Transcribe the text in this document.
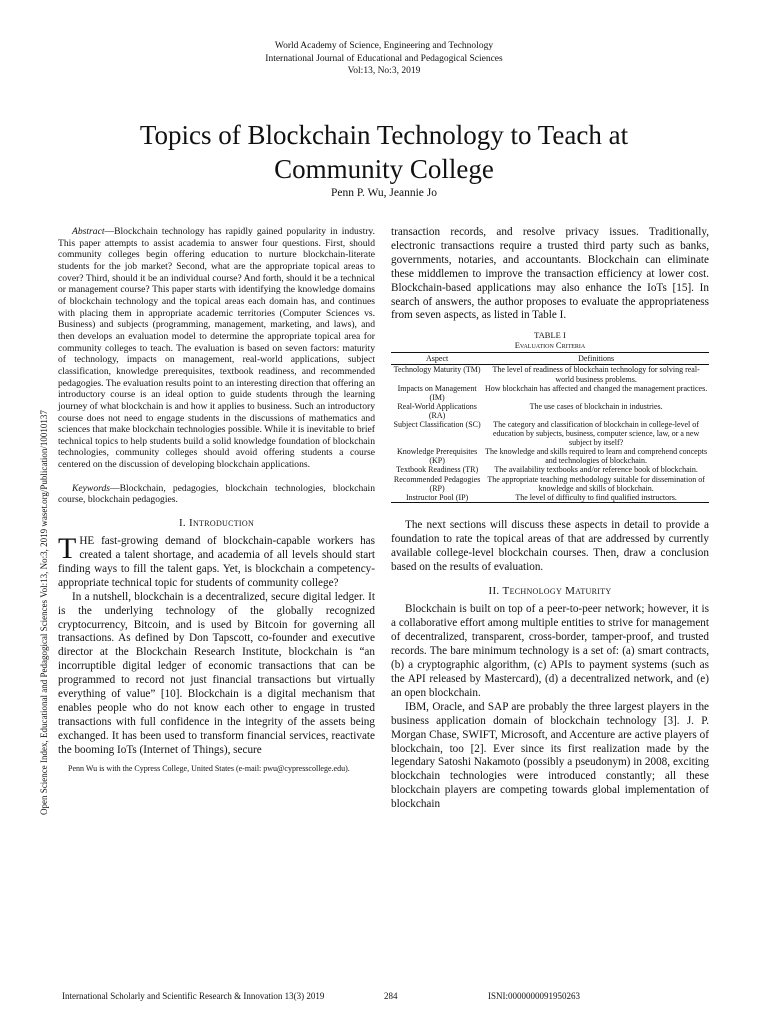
World Academy of Science, Engineering and Technology
International Journal of Educational and Pedagogical Sciences
Vol:13, No:3, 2019
Topics of Blockchain Technology to Teach at
Community College
Penn P. Wu, Jeannie Jo
Open Science Index, Educational and Pedagogical Sciences Vol:13, No:3, 2019 waset.org/Publication/10010137

Abstract—Blockchain technology has rapidly gained popularity in industry. This paper attempts to assist academia to answer four questions. First, should community colleges begin offering education to nurture blockchain-literate students for the job market? Second, what are the appropriate topical areas to cover? Third, should it be an individual course? And forth, should it be a technical or management course? This paper starts with identifying the knowledge domains of blockchain technology and the topical areas each domain has, and continues with placing them in appropriate academic territories (Computer Sciences vs. Business) and subjects (programming, management, marketing, and laws), and then develops an evaluation model to determine the appropriate topical area for community colleges to teach. The evaluation is based on seven factors: maturity of technology, impacts on management, real-world applications, subject classification, knowledge prerequisites, textbook readiness, and recommended pedagogies. The evaluation results point to an interesting direction that offering an introductory course is an ideal option to guide students through the learning journey of what blockchain is and how it applies to business. Such an introductory course does not need to engage students in the discussions of mathematics and sciences that make blockchain technologies possible. While it is inevitable to brief technical topics to help students build a solid knowledge foundation of blockchain technologies, community colleges should avoid offering students a course centered on the discussion of developing blockchain applications.

Keywords—Blockchain, pedagogies, blockchain technologies, blockchain course, blockchain pedagogies.

I. Introduction

THE fast-growing demand of blockchain-capable workers has created a talent shortage, and academia of all levels should start finding ways to fill the talent gaps. Yet, is blockchain a competency-appropriate technical topic for students of community college?

In a nutshell, blockchain is a decentralized, secure digital ledger. It is the underlying technology of the globally recognized cryptocurrency, Bitcoin, and is used by Bitcoin for governing all transactions. As defined by Don Tapscott, co-founder and executive director at the Blockchain Research Institute, blockchain is “an incorruptible digital ledger of economic transactions that can be programmed to record not just financial transactions but virtually everything of value” [10]. Blockchain is a digital mechanism that enables people who do not know each other to engage in trusted transactions with full confidence in the integrity of the assets being exchanged. It has been used to transform financial services, reactivate the booming IoTs (Internet of Things), secure

Penn Wu is with the Cypress College, United States (e-mail: pwu@cypresscollege.edu).

transaction records, and resolve privacy issues. Traditionally, electronic transactions require a trusted third party such as banks, governments, notaries, and accountants. Blockchain can eliminate these middlemen to improve the transaction efficiency at lower cost. Blockchain-based applications may also enhance the IoTs [15]. In search of answers, the author proposes to evaluate the appropriateness from seven aspects, as listed in Table I.

TABLE I
Evaluation Criteria
Aspect	Definitions
Technology Maturity (TM)	The level of readiness of blockchain technology for solving real-world business problems.
Impacts on Management (IM)	How blockchain has affected and changed the management practices.
Real-World Applications (RA)	The use cases of blockchain in industries.
Subject Classification (SC)	The category and classification of blockchain in college-level of education by subjects, business, computer science, law, or a new subject by itself?
Knowledge Prerequisites (KP)	The knowledge and skills required to learn and comprehend concepts and technologies of blockchain.
Textbook Readiness (TR)	The availability textbooks and/or reference book of blockchain.
Recommended Pedagogies (RP)	The appropriate teaching methodology suitable for dissemination of knowledge and skills of blockchain.
Instructor Pool (IP)	The level of difficulty to find qualified instructors.

The next sections will discuss these aspects in detail to provide a foundation to rate the topical areas of that are addressed by currently available college-level blockchain courses. Then, draw a conclusion based on the results of evaluation.

II. Technology Maturity

Blockchain is built on top of a peer-to-peer network; however, it is a collaborative effort among multiple entities to strive for management of decentralized, transparent, cross-border, tamper-proof, and trusted records. The bare minimum technology is a set of: (a) smart contracts, (b) a cryptographic algorithm, (c) APIs to payment systems (such as the API released by Mastercard), (d) a decentralized network, and (e) an open blockchain.

IBM, Oracle, and SAP are probably the three largest players in the business application domain of blockchain technology [3]. J. P. Morgan Chase, SWIFT, Microsoft, and Accenture are active players of blockchain, too [2]. Ever since its first realization made by the legendary Satoshi Nakamoto (possibly a pseudonym) in 2008, exciting blockchain technologies were introduced constantly; all these blockchain players are competing towards global implementation of blockchain

International Scholarly and Scientific Research & Innovation 13(3) 2019	284	ISNI:0000000091950263
